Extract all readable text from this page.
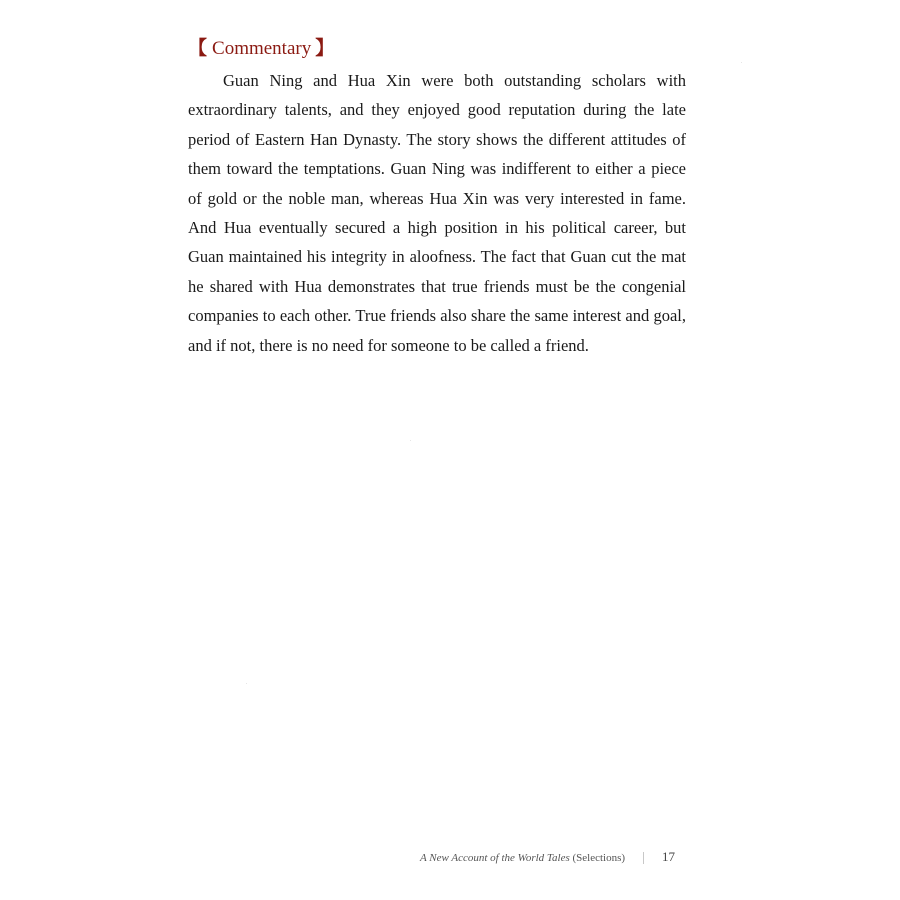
【 Commentary 】
Guan Ning and Hua Xin were both outstanding scholars with
extraordinary talents, and they enjoyed good reputation during the late
period of Eastern Han Dynasty. The story shows the different attitudes of
them toward the temptations. Guan Ning was indifferent to either a piece
of gold or the noble man, whereas Hua Xin was very interested in fame.
And Hua eventually secured a high position in his political career, but
Guan maintained his integrity in aloofness. The fact that Guan cut the mat
he shared with Hua demonstrates that true friends must be the congenial
companies to each other. True friends also share the same interest and goal,
and if not, there is no need for someone to be called a friend.
A New Account of the World Tales (Selections)	17
